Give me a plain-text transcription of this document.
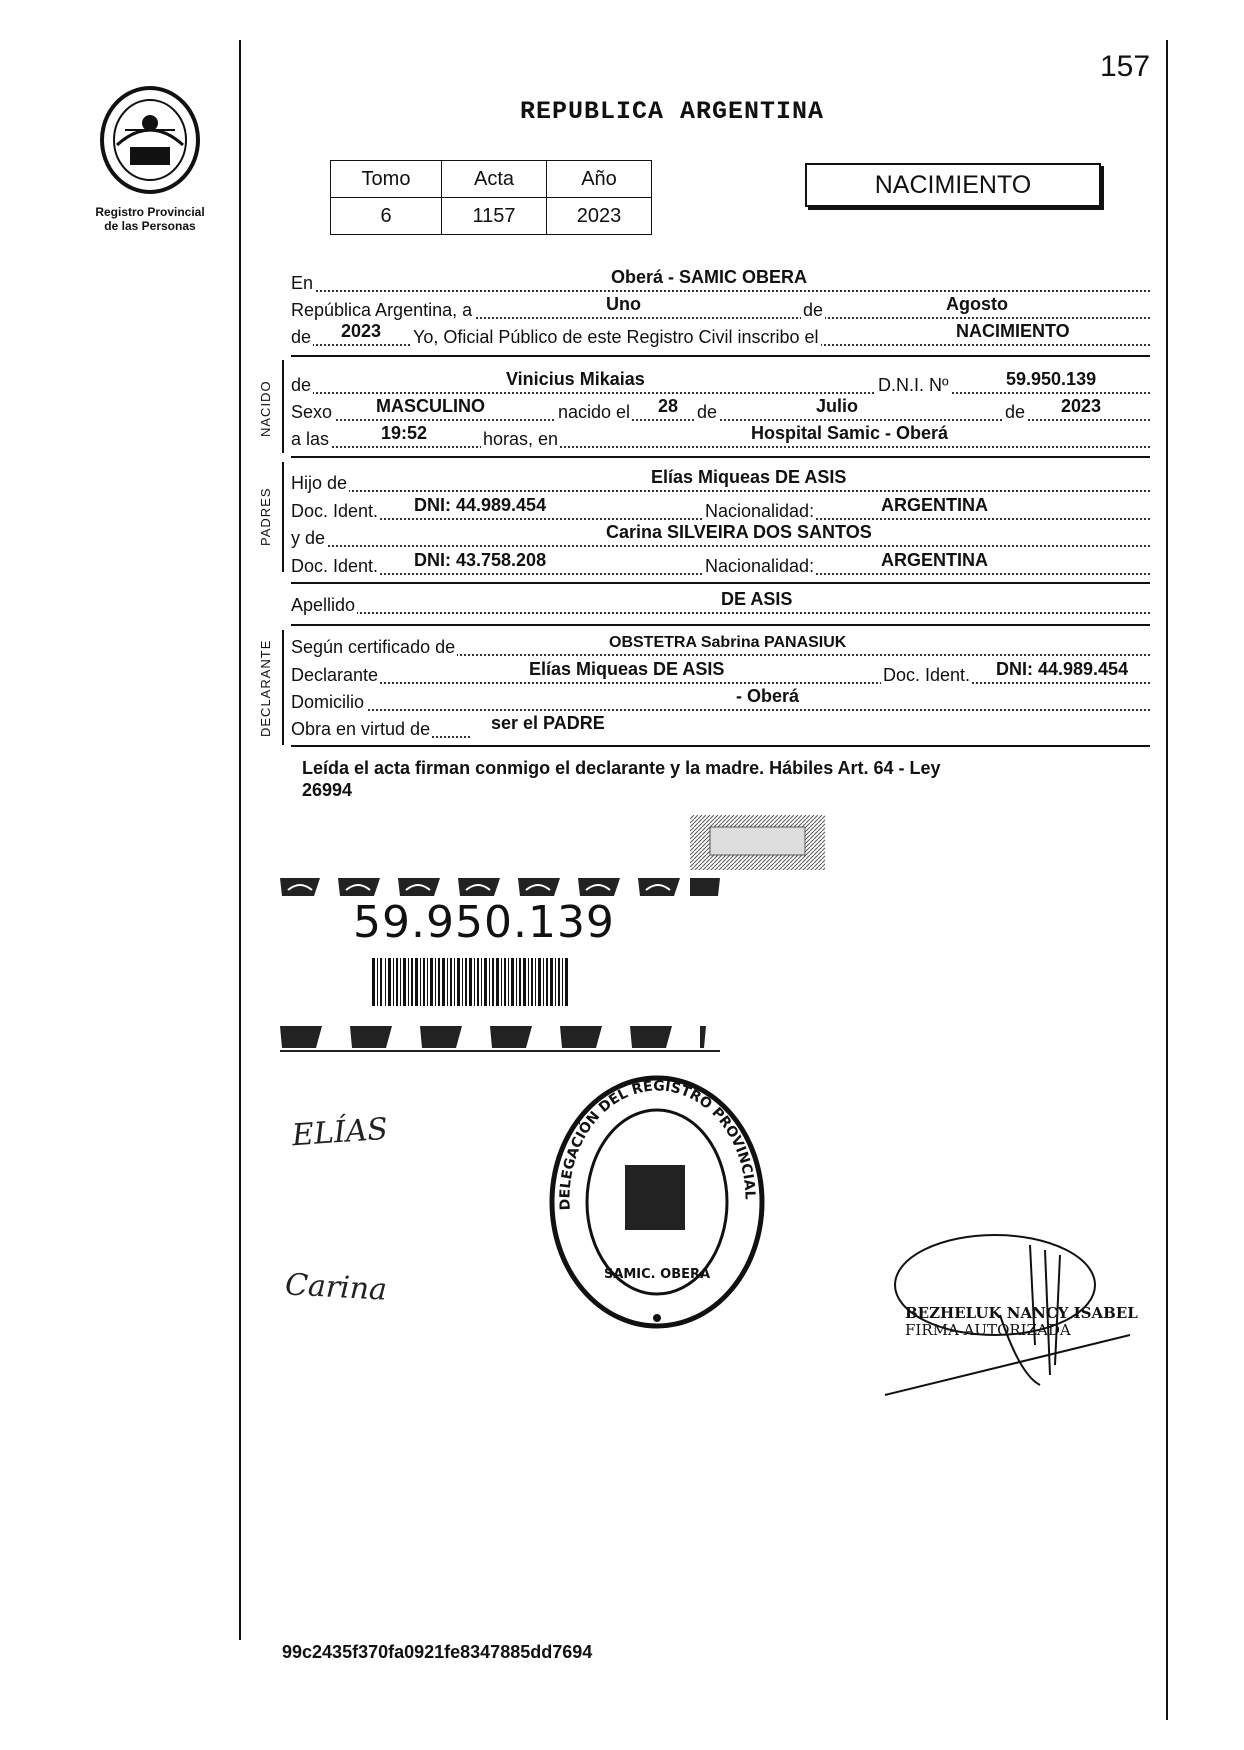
157
Registro Provincial
de las Personas
REPUBLICA ARGENTINA
Tomo	Acta	Año
6	1157	2023
NACIMIENTO
En	Oberá - SAMIC OBERA
República Argentina, a	Uno	de	Agosto
de 2023 Yo, Oficial Público de este Registro Civil inscribo el	NACIMIENTO
NACIDO de	Vinicius Mikaias	D.N.I. Nº	59.950.139
Sexo MASCULINO	nacido el 28 de	Julio	de 2023
a las	19:52	horas, en	Hospital Samic - Oberá
PADRES
Hijo de	Elías Miqueas DE ASIS
Doc. Ident. DNI: 44.989.454	Nacionalidad:	ARGENTINA
y de	Carina SILVEIRA DOS SANTOS
Doc. Ident. DNI: 43.758.208	Nacionalidad:	ARGENTINA
Apellido	DE ASIS
DECLARANTE Según certificado de	OBSTETRA Sabrina PANASIUK
Declarante	Elías Miqueas DE ASIS	Doc. Ident. DNI: 44.989.454
Domicilio	- Oberá
Obra en virtud de	ser el PADRE
Leída el acta firman conmigo el declarante y la madre. Hábiles Art. 64 - Ley
26994
59.950.139
ELÍAS
Carina
DELEGACIÓN DEL REGISTRO PROVINCIAL
SAMIC. OBERA
BEZHELUK NANCY ISABEL
FIRMA AUTORIZADA
99c2435f370fa0921fe8347885dd7694
